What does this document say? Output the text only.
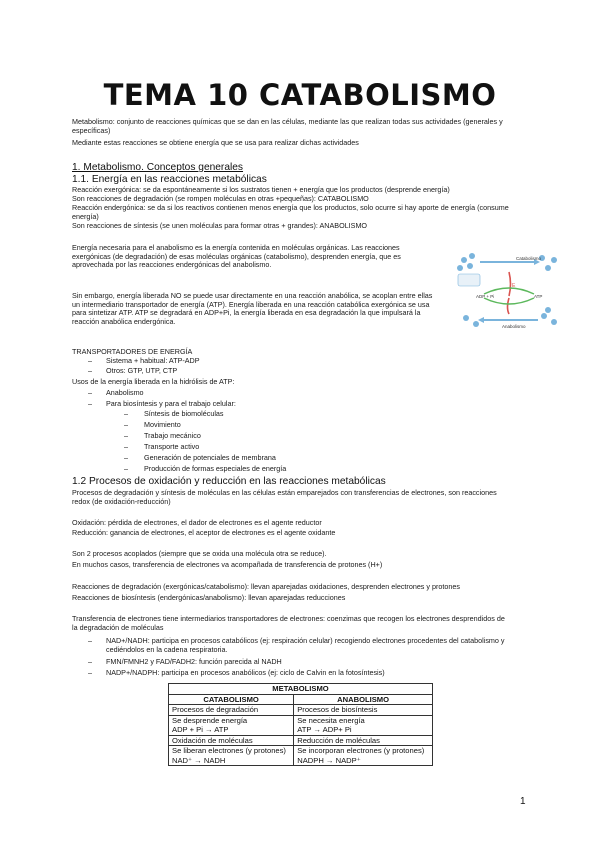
TEMA 10 CATABOLISMO
Metabolismo: conjunto de reacciones químicas que se dan en las células, mediante las que realizan todas sus actividades (generales y específicas)
Mediante estas reacciones se obtiene energía que se usa para realizar dichas actividades
1. Metabolismo. Conceptos generales
1.1. Energía en las reacciones metabólicas
Reacción exergónica: se da espontáneamente si los sustratos tienen + energía que los productos (desprende energía)
Son reacciones de degradación (se rompen moléculas en otras +pequeñas): CATABOLISMO
Reacción endergónica: se da si los reactivos contienen menos energía que los productos, solo ocurre si hay aporte de energía (consume energía)
Son reacciones de síntesis (se unen moléculas para formar otras + grandes): ANABOLISMO
Energía necesaria para el anabolismo es la energía contenida en moléculas orgánicas. Las reacciones exergónicas (de degradación) de esas moléculas orgánicas (catabolismo), desprenden energía, que es aprovechada por las reacciones endergónicas del anabolismo.
Sin embargo, energía liberada NO se puede usar directamente en una reacción anabólica, se acoplan entre ellas un intermediario transportador de energía (ATP). Energía liberada en una reacción catabólica exergónica se usa para sintetizar ATP. ATP se degradará en ADP+Pi, la energía liberada en esa degradación la que impulsará la reacción anabólica endergónica.
Catabolismo
Anabolismo
ADP + Pi	ATP
E
TRANSPORTADORES DE ENERGÍA
– Sistema + habitual: ATP-ADP
– Otros: GTP, UTP, CTP
Usos de la energía liberada en la hidrólisis de ATP:
– Anabolismo
– Para biosíntesis y para el trabajo celular:
– Síntesis de biomoléculas
– Movimiento
– Trabajo mecánico
– Transporte activo
– Generación de potenciales de membrana
– Producción de formas especiales de energía
1.2 Procesos de oxidación y reducción en las reacciones metabólicas
Procesos de degradación y síntesis de moléculas en las células están emparejados con transferencias de electrones, son reacciones redox (de oxidación-reducción)
Oxidación: pérdida de electrones, el dador de electrones es el agente reductor
Reducción: ganancia de electrones, el aceptor de electrones es el agente oxidante
Son 2 procesos acoplados (siempre que se oxida una molécula otra se reduce).
En muchos casos, transferencia de electrones va acompañada de transferencia de protones (H+)
Reacciones de degradación (exergónicas/catabolismo): llevan aparejadas oxidaciones, desprenden electrones y protones
Reacciones de biosíntesis (endergónicas/anabolismo): llevan aparejadas reducciones
Transferencia de electrones tiene intermediarios transportadores de electrones: coenzimas que recogen los electrones desprendidos de la degradación de moléculas
– NAD+/NADH: participa en procesos catabólicos (ej: respiración celular) recogiendo electrones procedentes del catabolismo y cediéndolos en la cadena respiratoria.
– FMN/FMNH2 y FAD/FADH2: función parecida al NADH
– NADP+/NADPH: participa en procesos anabólicos (ej: ciclo de Calvin en la fotosíntesis)
METABOLISMO	
CATABOLISMO	ANABOLISMO
Procesos de degradación	Procesos de biosíntesis
Se desprende energía	Se necesita energía
ADP + Pi → ATP	ATP → ADP+ Pi
Oxidación de moléculas	Reducción de moléculas
Se liberan electrones (y protones)	Se incorporan electrones (y protones)
NAD⁺ → NADH	NADPH → NADP⁺
1
